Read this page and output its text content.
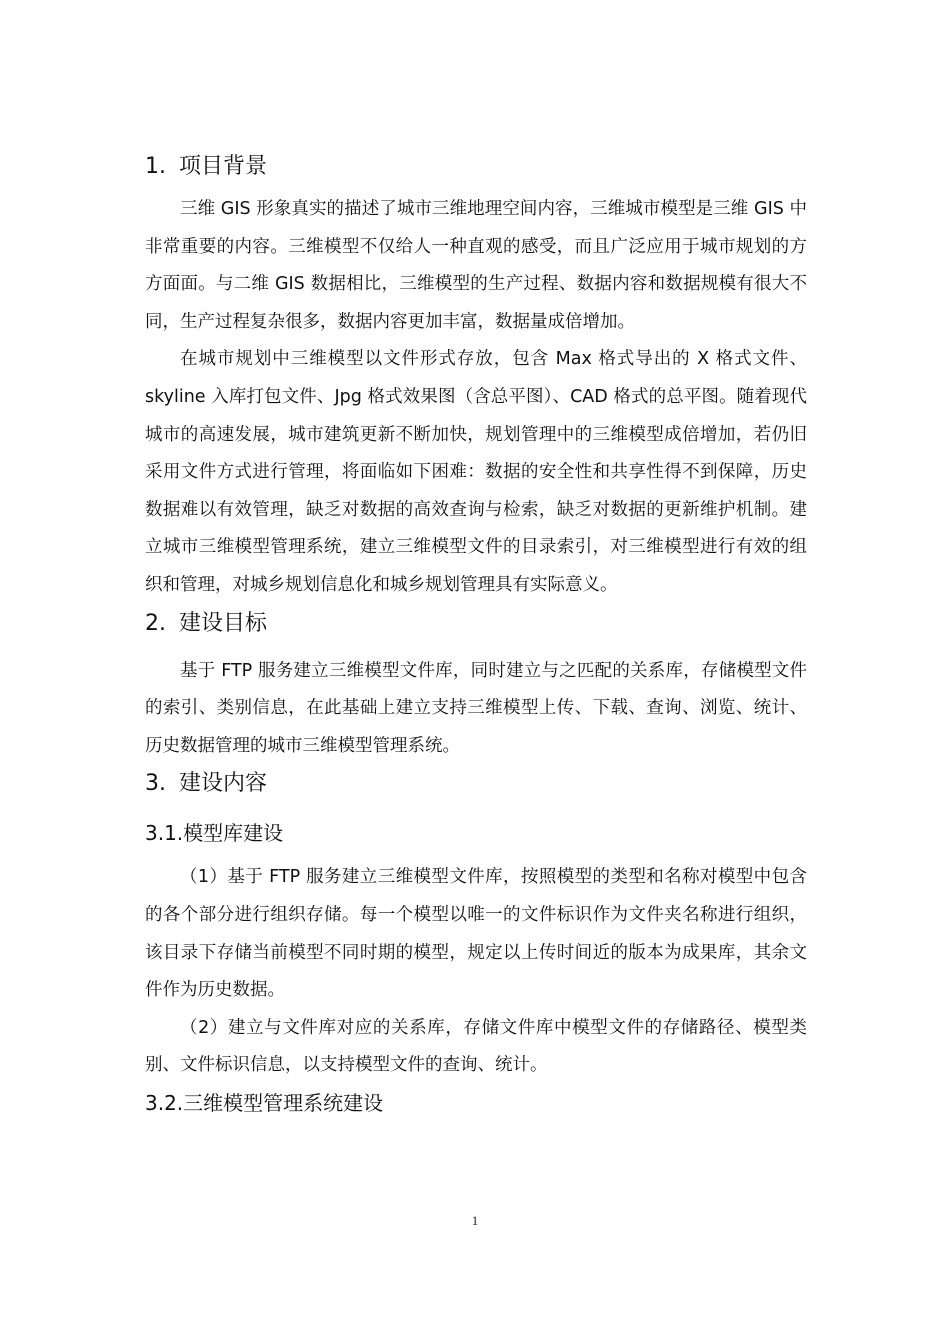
1. 项目背景

三维 GIS 形象真实的描述了城市三维地理空间内容，三维城市模型是三维 GIS 中非常重要的内容。三维模型不仅给人一种直观的感受，而且广泛应用于城市规划的方方面面。与二维 GIS 数据相比，三维模型的生产过程、数据内容和数据规模有很大不同，生产过程复杂很多，数据内容更加丰富，数据量成倍增加。

在城市规划中三维模型以文件形式存放，包含 Max 格式导出的 X 格式文件、skyline 入库打包文件、Jpg 格式效果图（含总平图）、CAD 格式的总平图。随着现代城市的高速发展，城市建筑更新不断加快，规划管理中的三维模型成倍增加，若仍旧采用文件方式进行管理，将面临如下困难：数据的安全性和共享性得不到保障，历史数据难以有效管理，缺乏对数据的高效查询与检索，缺乏对数据的更新维护机制。建立城市三维模型管理系统，建立三维模型文件的目录索引，对三维模型进行有效的组织和管理，对城乡规划信息化和城乡规划管理具有实际意义。

2. 建设目标

基于 FTP 服务建立三维模型文件库，同时建立与之匹配的关系库，存储模型文件的索引、类别信息，在此基础上建立支持三维模型上传、下载、查询、浏览、统计、历史数据管理的城市三维模型管理系统。

3. 建设内容
3.1.模型库建设

（1）基于 FTP 服务建立三维模型文件库，按照模型的类型和名称对模型中包含的各个部分进行组织存储。每一个模型以唯一的文件标识作为文件夹名称进行组织，该目录下存储当前模型不同时期的模型，规定以上传时间近的版本为成果库，其余文件作为历史数据。

（2）建立与文件库对应的关系库，存储文件库中模型文件的存储路径、模型类别、文件标识信息，以支持模型文件的查询、统计。

3.2.三维模型管理系统建设
1
